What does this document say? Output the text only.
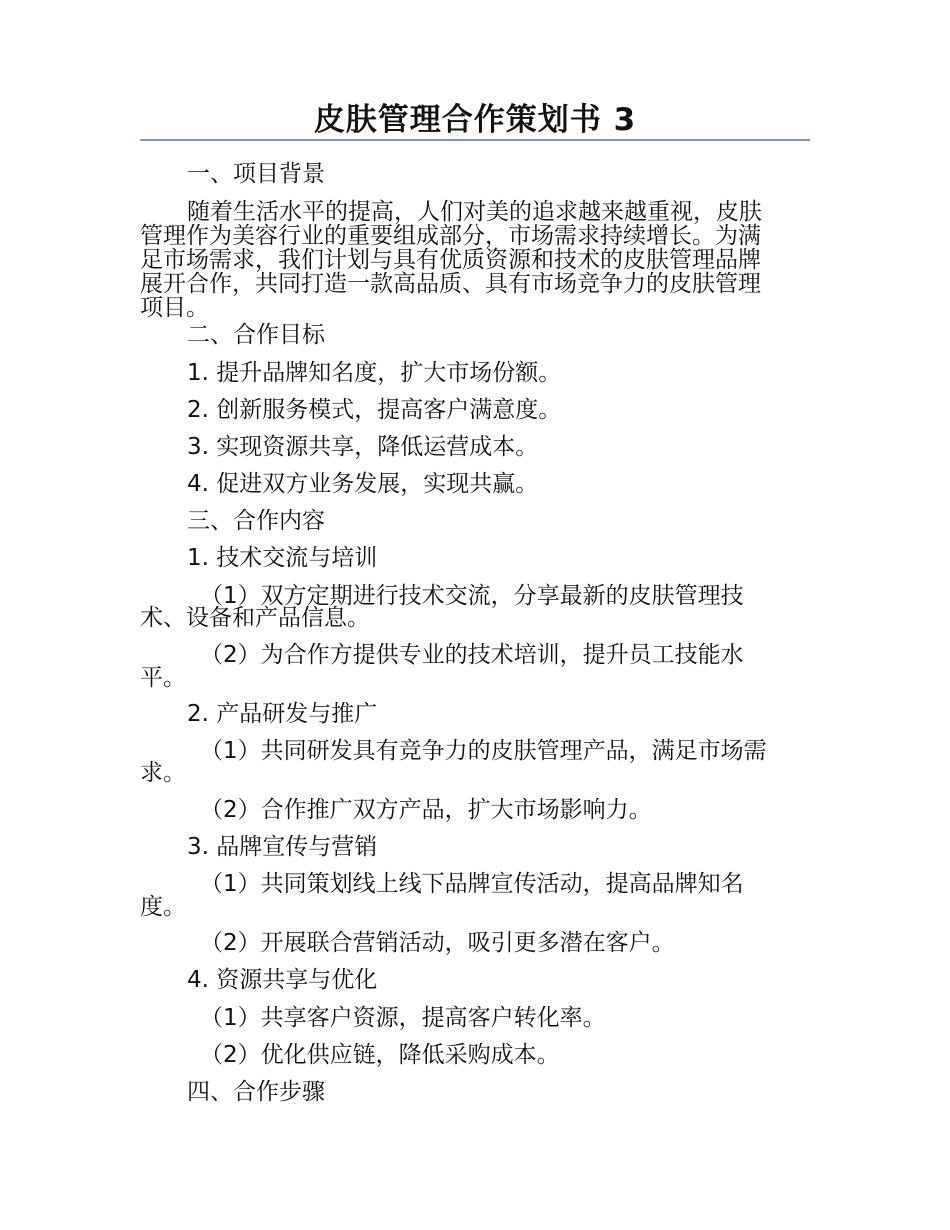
皮肤管理合作策划书 3
一、项目背景
随着生活水平的提高，人们对美的追求越来越重视，皮肤
管理作为美容行业的重要组成部分，市场需求持续增长。为满
足市场需求，我们计划与具有优质资源和技术的皮肤管理品牌
展开合作，共同打造一款高品质、具有市场竞争力的皮肤管理
项目。
二、合作目标
1. 提升品牌知名度，扩大市场份额。
2. 创新服务模式，提高客户满意度。
3. 实现资源共享，降低运营成本。
4. 促进双方业务发展，实现共赢。
三、合作内容
1. 技术交流与培训
（1）双方定期进行技术交流，分享最新的皮肤管理技
术、设备和产品信息。
（2）为合作方提供专业的技术培训，提升员工技能水
平。
2. 产品研发与推广
（1）共同研发具有竞争力的皮肤管理产品，满足市场需
求。
（2）合作推广双方产品，扩大市场影响力。
3. 品牌宣传与营销
（1）共同策划线上线下品牌宣传活动，提高品牌知名
度。
（2）开展联合营销活动，吸引更多潜在客户。
4. 资源共享与优化
（1）共享客户资源，提高客户转化率。
（2）优化供应链，降低采购成本。
四、合作步骤
